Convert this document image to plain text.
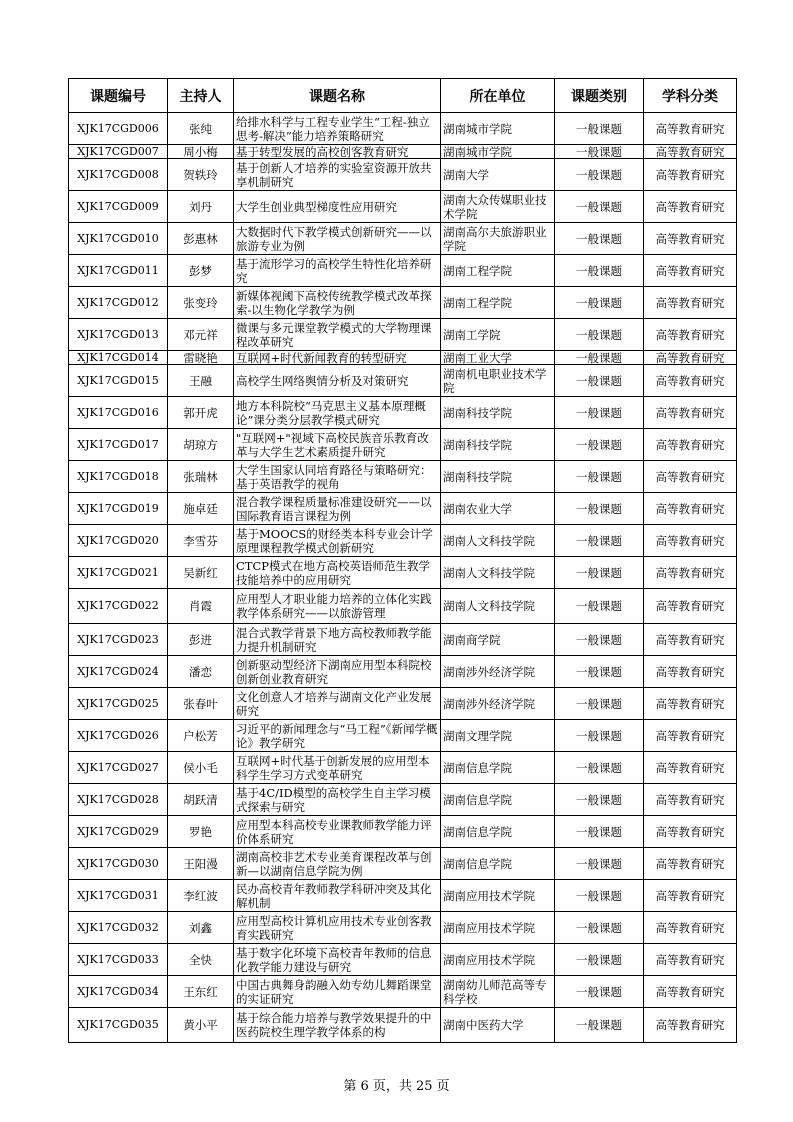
课题编号	主持人	课题名称	所在单位	课题类别	学科分类
XJK17CGD006	张纯	给排水科学与工程专业学生“工程-独立思考-解决”能力培养策略研究	湖南城市学院	一般课题	高等教育研究
XJK17CGD007	周小梅	基于转型发展的高校创客教育研究	湖南城市学院	一般课题	高等教育研究
XJK17CGD008	贺轶玲	基于创新人才培养的实验室资源开放共享机制研究	湖南大学	一般课题	高等教育研究
XJK17CGD009	刘丹	大学生创业典型梯度性应用研究	湖南大众传媒职业技术学院	一般课题	高等教育研究
XJK17CGD010	彭惠林	大数据时代下教学模式创新研究——以旅游专业为例	湖南高尔夫旅游职业学院	一般课题	高等教育研究
XJK17CGD011	彭梦	基于流形学习的高校学生特性化培养研究	湖南工程学院	一般课题	高等教育研究
XJK17CGD012	张变玲	新媒体视阈下高校传统教学模式改革探索-以生物化学教学为例	湖南工程学院	一般课题	高等教育研究
XJK17CGD013	邓元祥	微课与多元课堂教学模式的大学物理课程改革研究	湖南工学院	一般课题	高等教育研究
XJK17CGD014	雷晓艳	互联网+时代新闻教育的转型研究	湖南工业大学	一般课题	高等教育研究
XJK17CGD015	王融	高校学生网络舆情分析及对策研究	湖南机电职业技术学院	一般课题	高等教育研究
XJK17CGD016	郭开虎	地方本科院校“马克思主义基本原理概论”课分类分层教学模式研究	湖南科技学院	一般课题	高等教育研究
XJK17CGD017	胡琼方	"互联网+"视域下高校民族音乐教育改革与大学生艺术素质提升研究	湖南科技学院	一般课题	高等教育研究
XJK17CGD018	张瑞林	大学生国家认同培育路径与策略研究：基于英语教学的视角	湖南科技学院	一般课题	高等教育研究
XJK17CGD019	施卓廷	混合教学课程质量标准建设研究——以国际教育语言课程为例	湖南农业大学	一般课题	高等教育研究
XJK17CGD020	李雪芬	基于MOOCS的财经类本科专业会计学原理课程教学模式创新研究	湖南人文科技学院	一般课题	高等教育研究
XJK17CGD021	吴新红	CTCP模式在地方高校英语师范生教学技能培养中的应用研究	湖南人文科技学院	一般课题	高等教育研究
XJK17CGD022	肖霞	应用型人才职业能力培养的立体化实践教学体系研究——以旅游管理	湖南人文科技学院	一般课题	高等教育研究
XJK17CGD023	彭进	混合式教学背景下地方高校教师教学能力提升机制研究	湖南商学院	一般课题	高等教育研究
XJK17CGD024	潘恋	创新驱动型经济下湖南应用型本科院校创新创业教育研究	湖南涉外经济学院	一般课题	高等教育研究
XJK17CGD025	张春叶	文化创意人才培养与湖南文化产业发展研究	湖南涉外经济学院	一般课题	高等教育研究
XJK17CGD026	户松芳	习近平的新闻理念与“马工程”《新闻学概论》教学研究	湖南文理学院	一般课题	高等教育研究
XJK17CGD027	侯小毛	互联网+时代基于创新发展的应用型本科学生学习方式变革研究	湖南信息学院	一般课题	高等教育研究
XJK17CGD028	胡跃清	基于4C/ID模型的高校学生自主学习模式探索与研究	湖南信息学院	一般课题	高等教育研究
XJK17CGD029	罗艳	应用型本科高校专业课教师教学能力评价体系研究	湖南信息学院	一般课题	高等教育研究
XJK17CGD030	王阳漫	湖南高校非艺术专业美育课程改革与创新—以湖南信息学院为例	湖南信息学院	一般课题	高等教育研究
XJK17CGD031	李红波	民办高校青年教师教学科研冲突及其化解机制	湖南应用技术学院	一般课题	高等教育研究
XJK17CGD032	刘鑫	应用型高校计算机应用技术专业创客教育实践研究	湖南应用技术学院	一般课题	高等教育研究
XJK17CGD033	全快	基于数字化环境下高校青年教师的信息化教学能力建设与研究	湖南应用技术学院	一般课题	高等教育研究
XJK17CGD034	王东红	中国古典舞身韵融入幼专幼儿舞蹈课堂的实证研究	湖南幼儿师范高等专科学校	一般课题	高等教育研究
XJK17CGD035	黄小平	基于综合能力培养与教学效果提升的中医药院校生理学教学体系的构	湖南中医药大学	一般课题	高等教育研究
第 6 页，共 25 页
